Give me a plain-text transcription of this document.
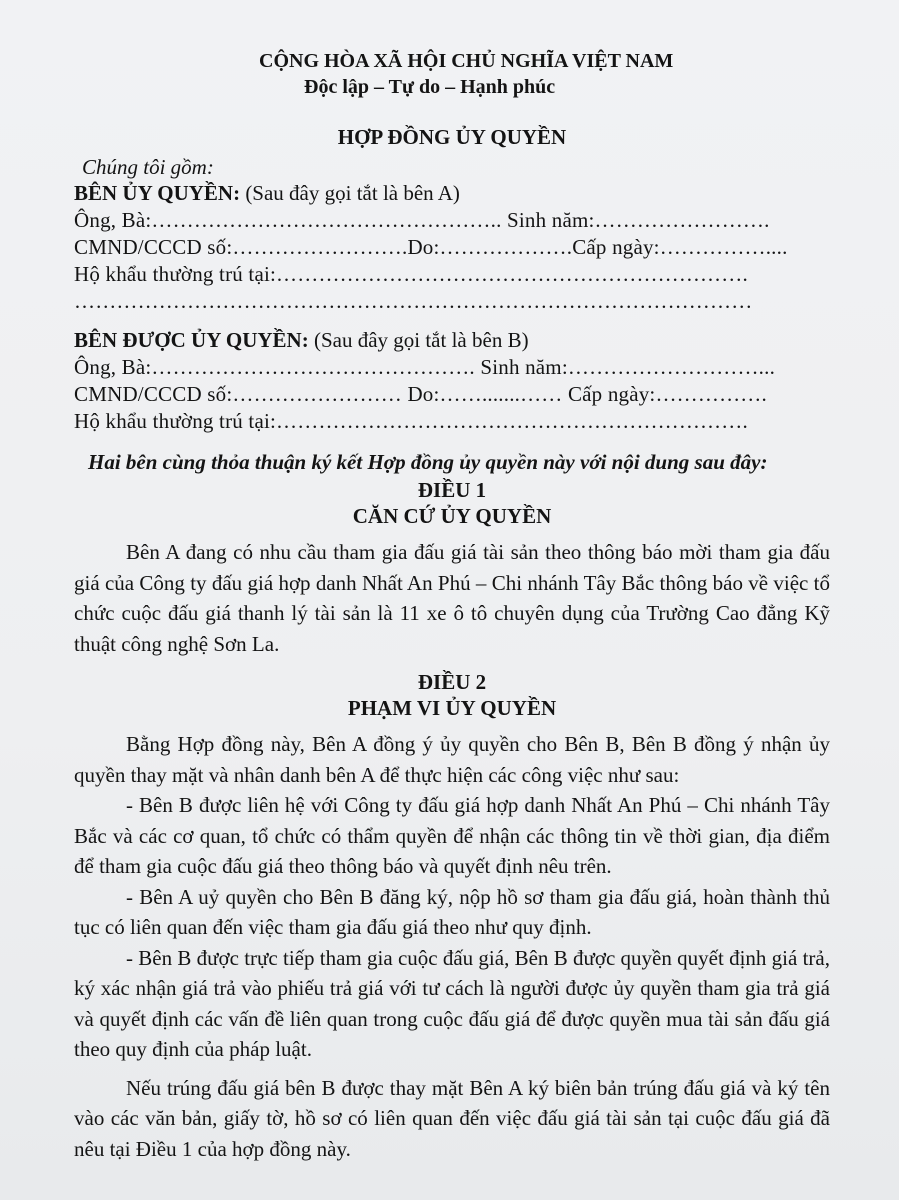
CỘNG HÒA XÃ HỘI CHỦ NGHĨA VIỆT NAM
Độc lập – Tự do – Hạnh phúc
HỢP ĐỒNG ỦY QUYỀN
Chúng tôi gồm:
BÊN ỦY QUYỀN: (Sau đây gọi tắt là bên A)
Ông, Bà:………………………………………….. Sinh năm:…………………….
CMND/CCCD số:…………………….Do:……………….Cấp ngày:……………....
Hộ khẩu thường trú tại:………………………………………………………….
……………………………………………………………………………………
BÊN ĐƯỢC ỦY QUYỀN: (Sau đây gọi tắt là bên B)
Ông, Bà:………………………………………. Sinh năm:………………………...
CMND/CCCD số:…………………… Do:…….......…… Cấp ngày:…………….
Hộ khẩu thường trú tại:………………………………………………………….
Hai bên cùng thỏa thuận ký kết Hợp đồng ủy quyền này với nội dung sau đây:
ĐIỀU 1
CĂN CỨ ỦY QUYỀN

Bên A đang có nhu cầu tham gia đấu giá tài sản theo thông báo mời tham gia đấu giá của Công ty đấu giá hợp danh Nhất An Phú – Chi nhánh Tây Bắc thông báo về việc tổ chức cuộc đấu giá thanh lý tài sản là 11 xe ô tô chuyên dụng của Trường Cao đẳng Kỹ thuật công nghệ Sơn La.

ĐIỀU 2
PHẠM VI ỦY QUYỀN

Bằng Hợp đồng này, Bên A đồng ý ủy quyền cho Bên B, Bên B đồng ý nhận ủy quyền thay mặt và nhân danh bên A để thực hiện các công việc như sau:

- Bên B được liên hệ với Công ty đấu giá hợp danh Nhất An Phú – Chi nhánh Tây Bắc và các cơ quan, tổ chức có thẩm quyền để nhận các thông tin về thời gian, địa điểm để tham gia cuộc đấu giá theo thông báo và quyết định nêu trên.

- Bên A uỷ quyền cho Bên B đăng ký, nộp hồ sơ tham gia đấu giá, hoàn thành thủ tục có liên quan đến việc tham gia đấu giá theo như quy định.

- Bên B được trực tiếp tham gia cuộc đấu giá, Bên B được quyền quyết định giá trả, ký xác nhận giá trả vào phiếu trả giá với tư cách là người được ủy quyền tham gia trả giá và quyết định các vấn đề liên quan trong cuộc đấu giá để được quyền mua tài sản đấu giá theo quy định của pháp luật.

Nếu trúng đấu giá bên B được thay mặt Bên A ký biên bản trúng đấu giá và ký tên vào các văn bản, giấy tờ, hồ sơ có liên quan đến việc đấu giá tài sản tại cuộc đấu giá đã nêu tại Điều 1 của hợp đồng này.
